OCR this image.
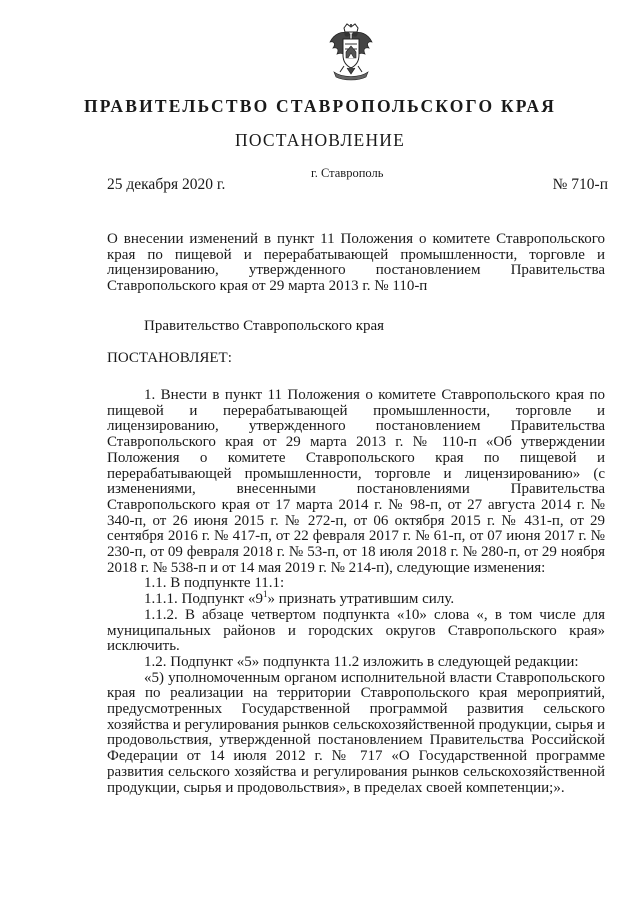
ПРАВИТЕЛЬСТВО СТАВРОПОЛЬСКОГО КРАЯ
ПОСТАНОВЛЕНИЕ
25 декабря 2020 г.
г. Ставрополь
№ 710-п
О внесении изменений в пункт 11 Положения о комитете Ставропольского края по пищевой и перерабатывающей промышленности, торговле и лицензированию, утвержденного постановлением Правительства Ставропольского края от 29 марта 2013 г. № 110-п
Правительство Ставропольского края
ПОСТАНОВЛЯЕТ:

1. Внести в пункт 11 Положения о комитете Ставропольского края по пищевой и перерабатывающей промышленности, торговле и лицензированию, утвержденного постановлением Правительства Ставропольского края от 29 марта 2013 г. № 110-п «Об утверждении Положения о комитете Ставропольского края по пищевой и перерабатывающей промышленности, торговле и лицензированию» (с изменениями, внесенными постановлениями Правительства Ставропольского края от 17 марта 2014 г. № 98-п, от 27 августа 2014 г. № 340-п, от 26 июня 2015 г. № 272-п, от 06 октября 2015 г. № 431-п, от 29 сентября 2016 г. № 417-п, от 22 февраля 2017 г. № 61-п, от 07 июня 2017 г. № 230-п, от 09 февраля 2018 г. № 53-п, от 18 июля 2018 г. № 280-п, от 29 ноября 2018 г. № 538-п и от 14 мая 2019 г. № 214-п), следующие изменения:

1.1. В подпункте 11.1:

1.1.1. Подпункт «$9^1$» признать утратившим силу.

1.1.2. В абзаце четвертом подпункта «10» слова «, в том числе для муниципальных районов и городских округов Ставропольского края» исключить.

1.2. Подпункт «5» подпункта 11.2 изложить в следующей редакции:

«5) уполномоченным органом исполнительной власти Ставропольского края по реализации на территории Ставропольского края мероприятий, предусмотренных Государственной программой развития сельского хозяйства и регулирования рынков сельскохозяйственной продукции, сырья и продовольствия, утвержденной постановлением Правительства Российской Федерации от 14 июля 2012 г. № 717 «О Государственной программе развития сельского хозяйства и регулирования рынков сельскохозяйственной продукции, сырья и продовольствия», в пределах своей компетенции;».
